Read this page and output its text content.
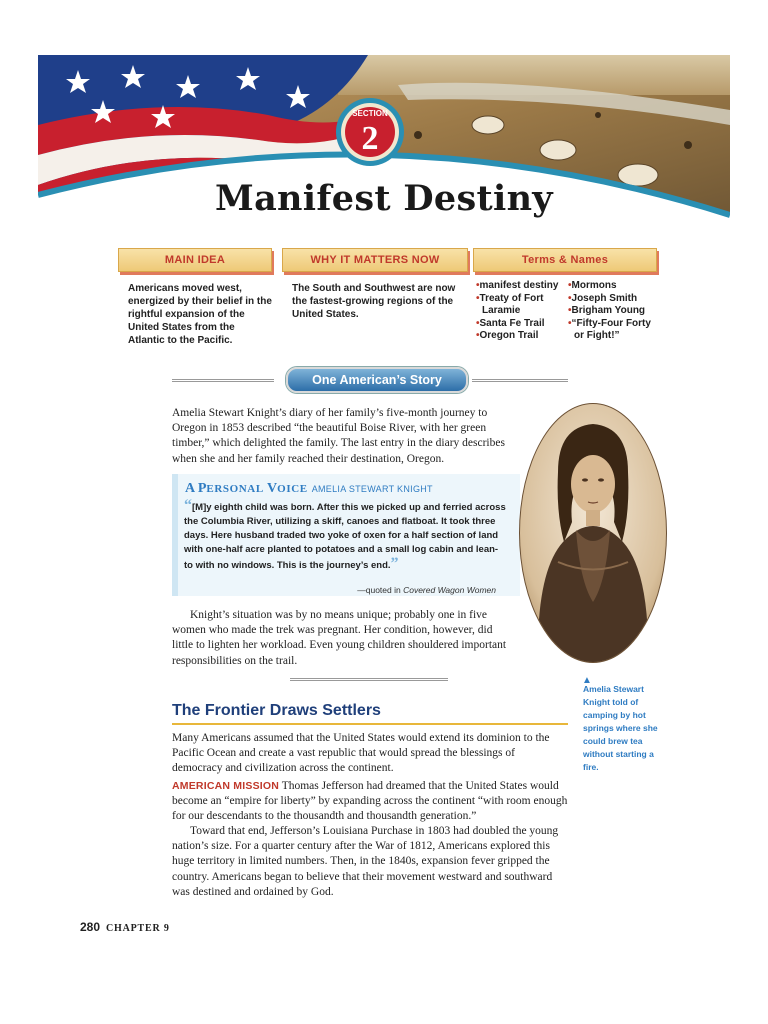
SECTION
2
Manifest Destiny
MAIN IDEA	WHY IT MATTERS NOW	Terms & Names
Americans moved west, energized by their belief in the rightful expansion of the United States from the Atlantic to the Pacific.
The South and Southwest are now the fastest-growing regions of the United States.
•manifest destiny
•Treaty of Fort Laramie
•Santa Fe Trail
•Oregon Trail
•Mormons
•Joseph Smith
•Brigham Young
•“Fifty-Four Forty or Fight!”
One American’s Story
Amelia Stewart Knight’s diary of her family’s five-month journey to Oregon in 1853 described “the beautiful Boise River, with her green timber,” which delighted the family. The last entry in the diary describes when she and her family reached their destination, Oregon.
A PERSONAL VOICE AMELIA STEWART KNIGHT
“[M]y eighth child was born. After this we picked up and ferried across the Columbia River, utilizing a skiff, canoes and flatboat. It took three days. Here husband traded two yoke of oxen for a half section of land with one-half acre planted to potatoes and a small log cabin and lean-to with no windows. This is the journey’s end.”
—quoted in Covered Wagon Women
Knight’s situation was by no means unique; probably one in five women who made the trek was pregnant. Her condition, however, did little to lighten her workload. Even young children shouldered important responsibilities on the trail.
▲
Amelia Stewart Knight told of camping by hot springs where she could brew tea without starting a fire.
The Frontier Draws Settlers
Many Americans assumed that the United States would extend its dominion to the Pacific Ocean and create a vast republic that would spread the blessings of democracy and civilization across the continent.
AMERICAN MISSION Thomas Jefferson had dreamed that the United States would become an “empire for liberty” by expanding across the continent “with room enough for our descendants to the thousandth and thousandth generation.”
Toward that end, Jefferson’s Louisiana Purchase in 1803 had doubled the young nation’s size. For a quarter century after the War of 1812, Americans explored this huge territory in limited numbers. Then, in the 1840s, expansion fever gripped the country. Americans began to believe that their movement westward and southward was destined and ordained by God.
280 CHAPTER 9
